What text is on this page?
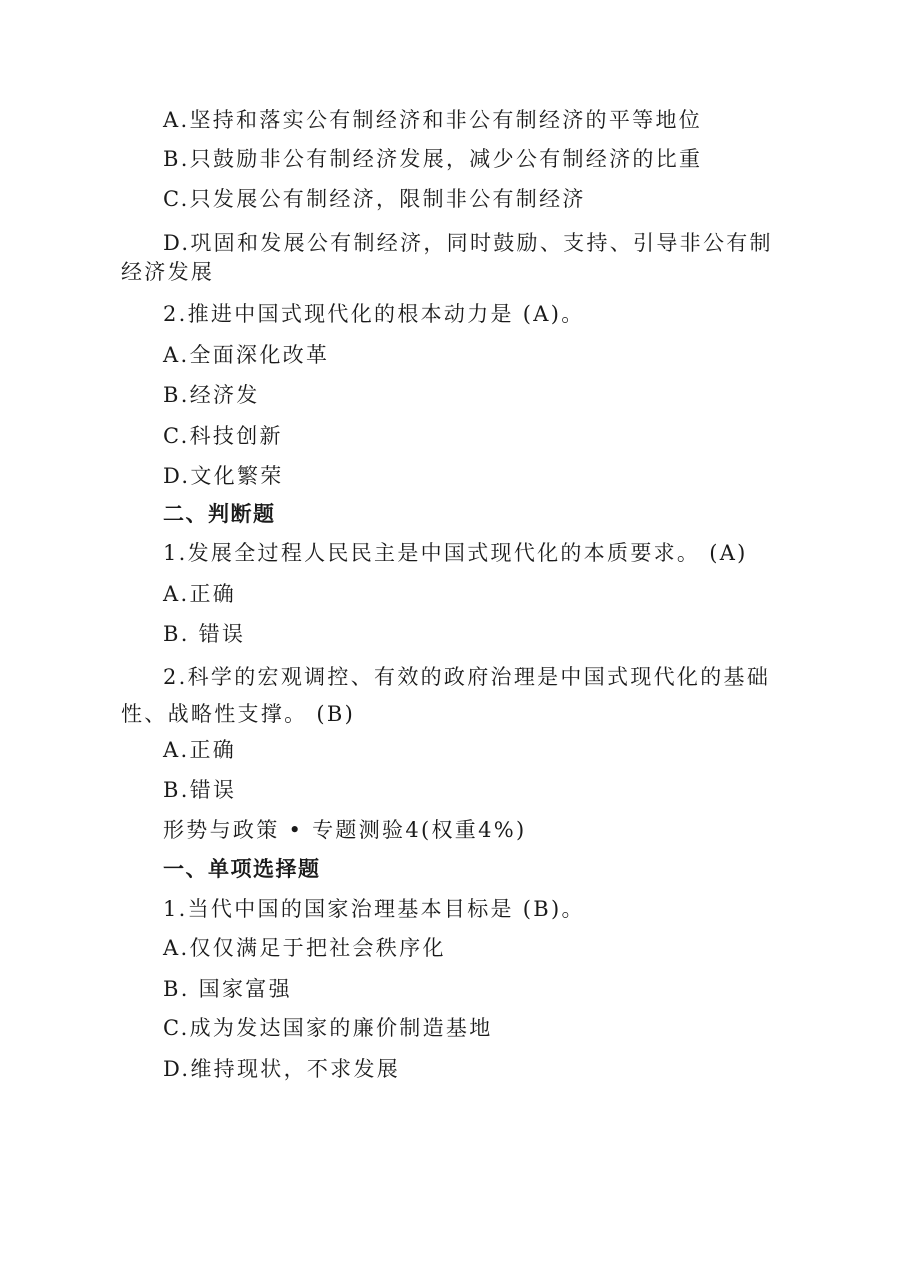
A.坚持和落实公有制经济和非公有制经济的平等地位
B.只鼓励非公有制经济发展，减少公有制经济的比重
C.只发展公有制经济，限制非公有制经济
D.巩固和发展公有制经济，同时鼓励、支持、引导非公有制
经济发展
2.推进中国式现代化的根本动力是 (A)。
A.全面深化改革
B.经济发
C.科技创新
D.文化繁荣
二、判断题
1.发展全过程人民民主是中国式现代化的本质要求。 (A)
A.正确
B. 错误
2.科学的宏观调控、有效的政府治理是中国式现代化的基础
性、战略性支撑。 (B)
A.正确
B.错误
形势与政策 • 专题测验4(权重4%)
一、单项选择题
1.当代中国的国家治理基本目标是 (B)。
A.仅仅满足于把社会秩序化
B. 国家富强
C.成为发达国家的廉价制造基地
D.维持现状，不求发展
